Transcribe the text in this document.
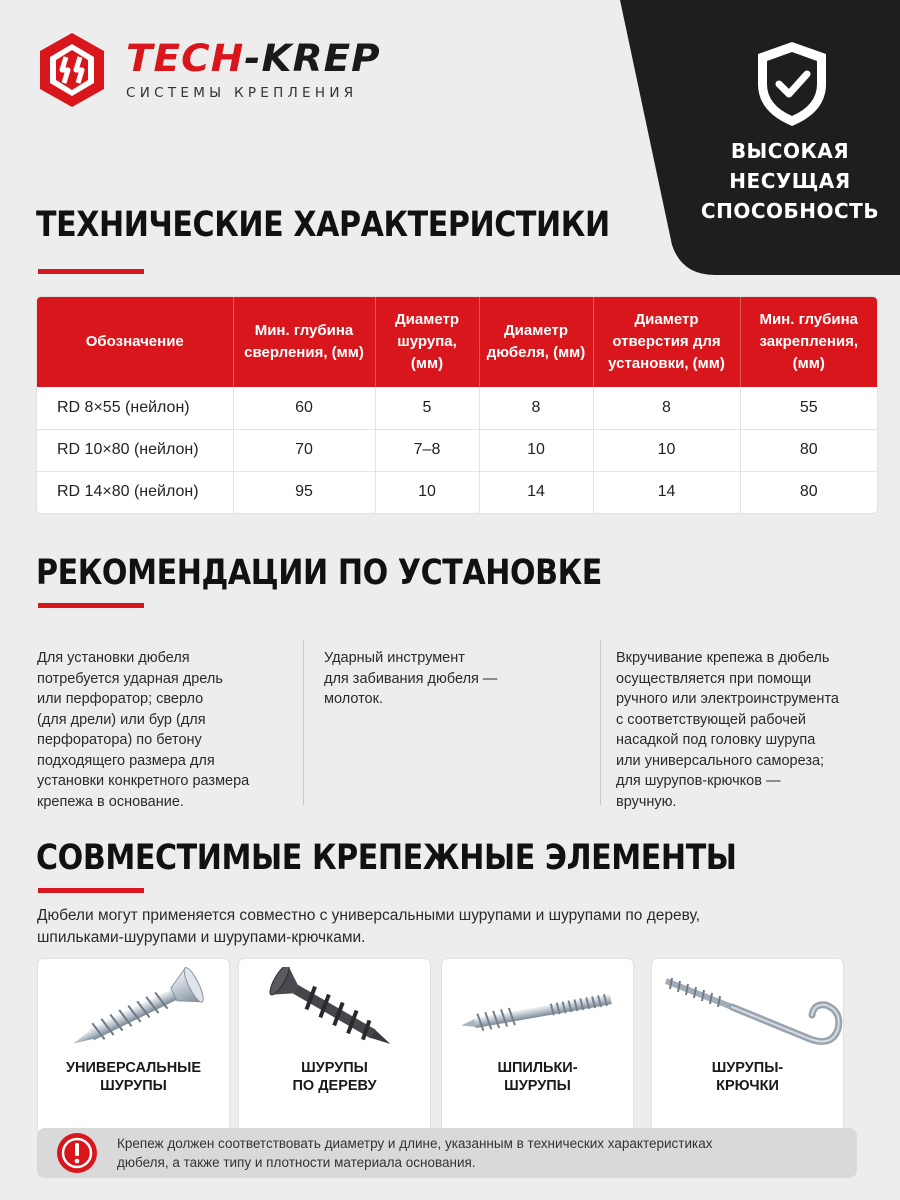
TECH-KREP
СИСТЕМЫ КРЕПЛЕНИЯ
ВЫСОКАЯ
НЕСУЩАЯ
СПОСОБНОСТЬ
ТЕХНИЧЕСКИЕ ХАРАКТЕРИСТИКИ
Обозначение	Мин. глубина сверления, (мм)	Диаметр шурупа, (мм)	Диаметр дюбеля, (мм)	Диаметр отверстия для установки, (мм)	Мин. глубина закрепления, (мм)
RD 8×55 (нейлон)	60	5	8	8	55
RD 10×80 (нейлон)	70	7–8	10	10	80
RD 14×80 (нейлон)	95	10	14	14	80
РЕКОМЕНДАЦИИ ПО УСТАНОВКЕ
Для установки дюбеля
потребуется ударная дрель
или перфоратор; сверло
(для дрели) или бур (для
перфоратора) по бетону
подходящего размера для
установки конкретного размера
крепежа в основание.
Ударный инструмент
для забивания дюбеля —
молоток.
Вкручивание крепежа в дюбель
осуществляется при помощи
ручного или электроинструмента
с соответствующей рабочей
насадкой под головку шурупа
или универсального самореза;
для шурупов-крючков —
вручную.
СОВМЕСТИМЫЕ КРЕПЕЖНЫЕ ЭЛЕМЕНТЫ
Дюбели могут применяется совместно с универсальными шурупами и шурупами по дереву,
шпильками-шурупами и шурупами-крючками.
УНИВЕРСАЛЬНЫЕ
ШУРУПЫ
ШУРУПЫ
ПО ДЕРЕВУ
ШПИЛЬКИ-
ШУРУПЫ
ШУРУПЫ-
КРЮЧКИ
Крепеж должен соответствовать диаметру и длине, указанным в технических характеристиках
дюбеля, а также типу и плотности материала основания.
